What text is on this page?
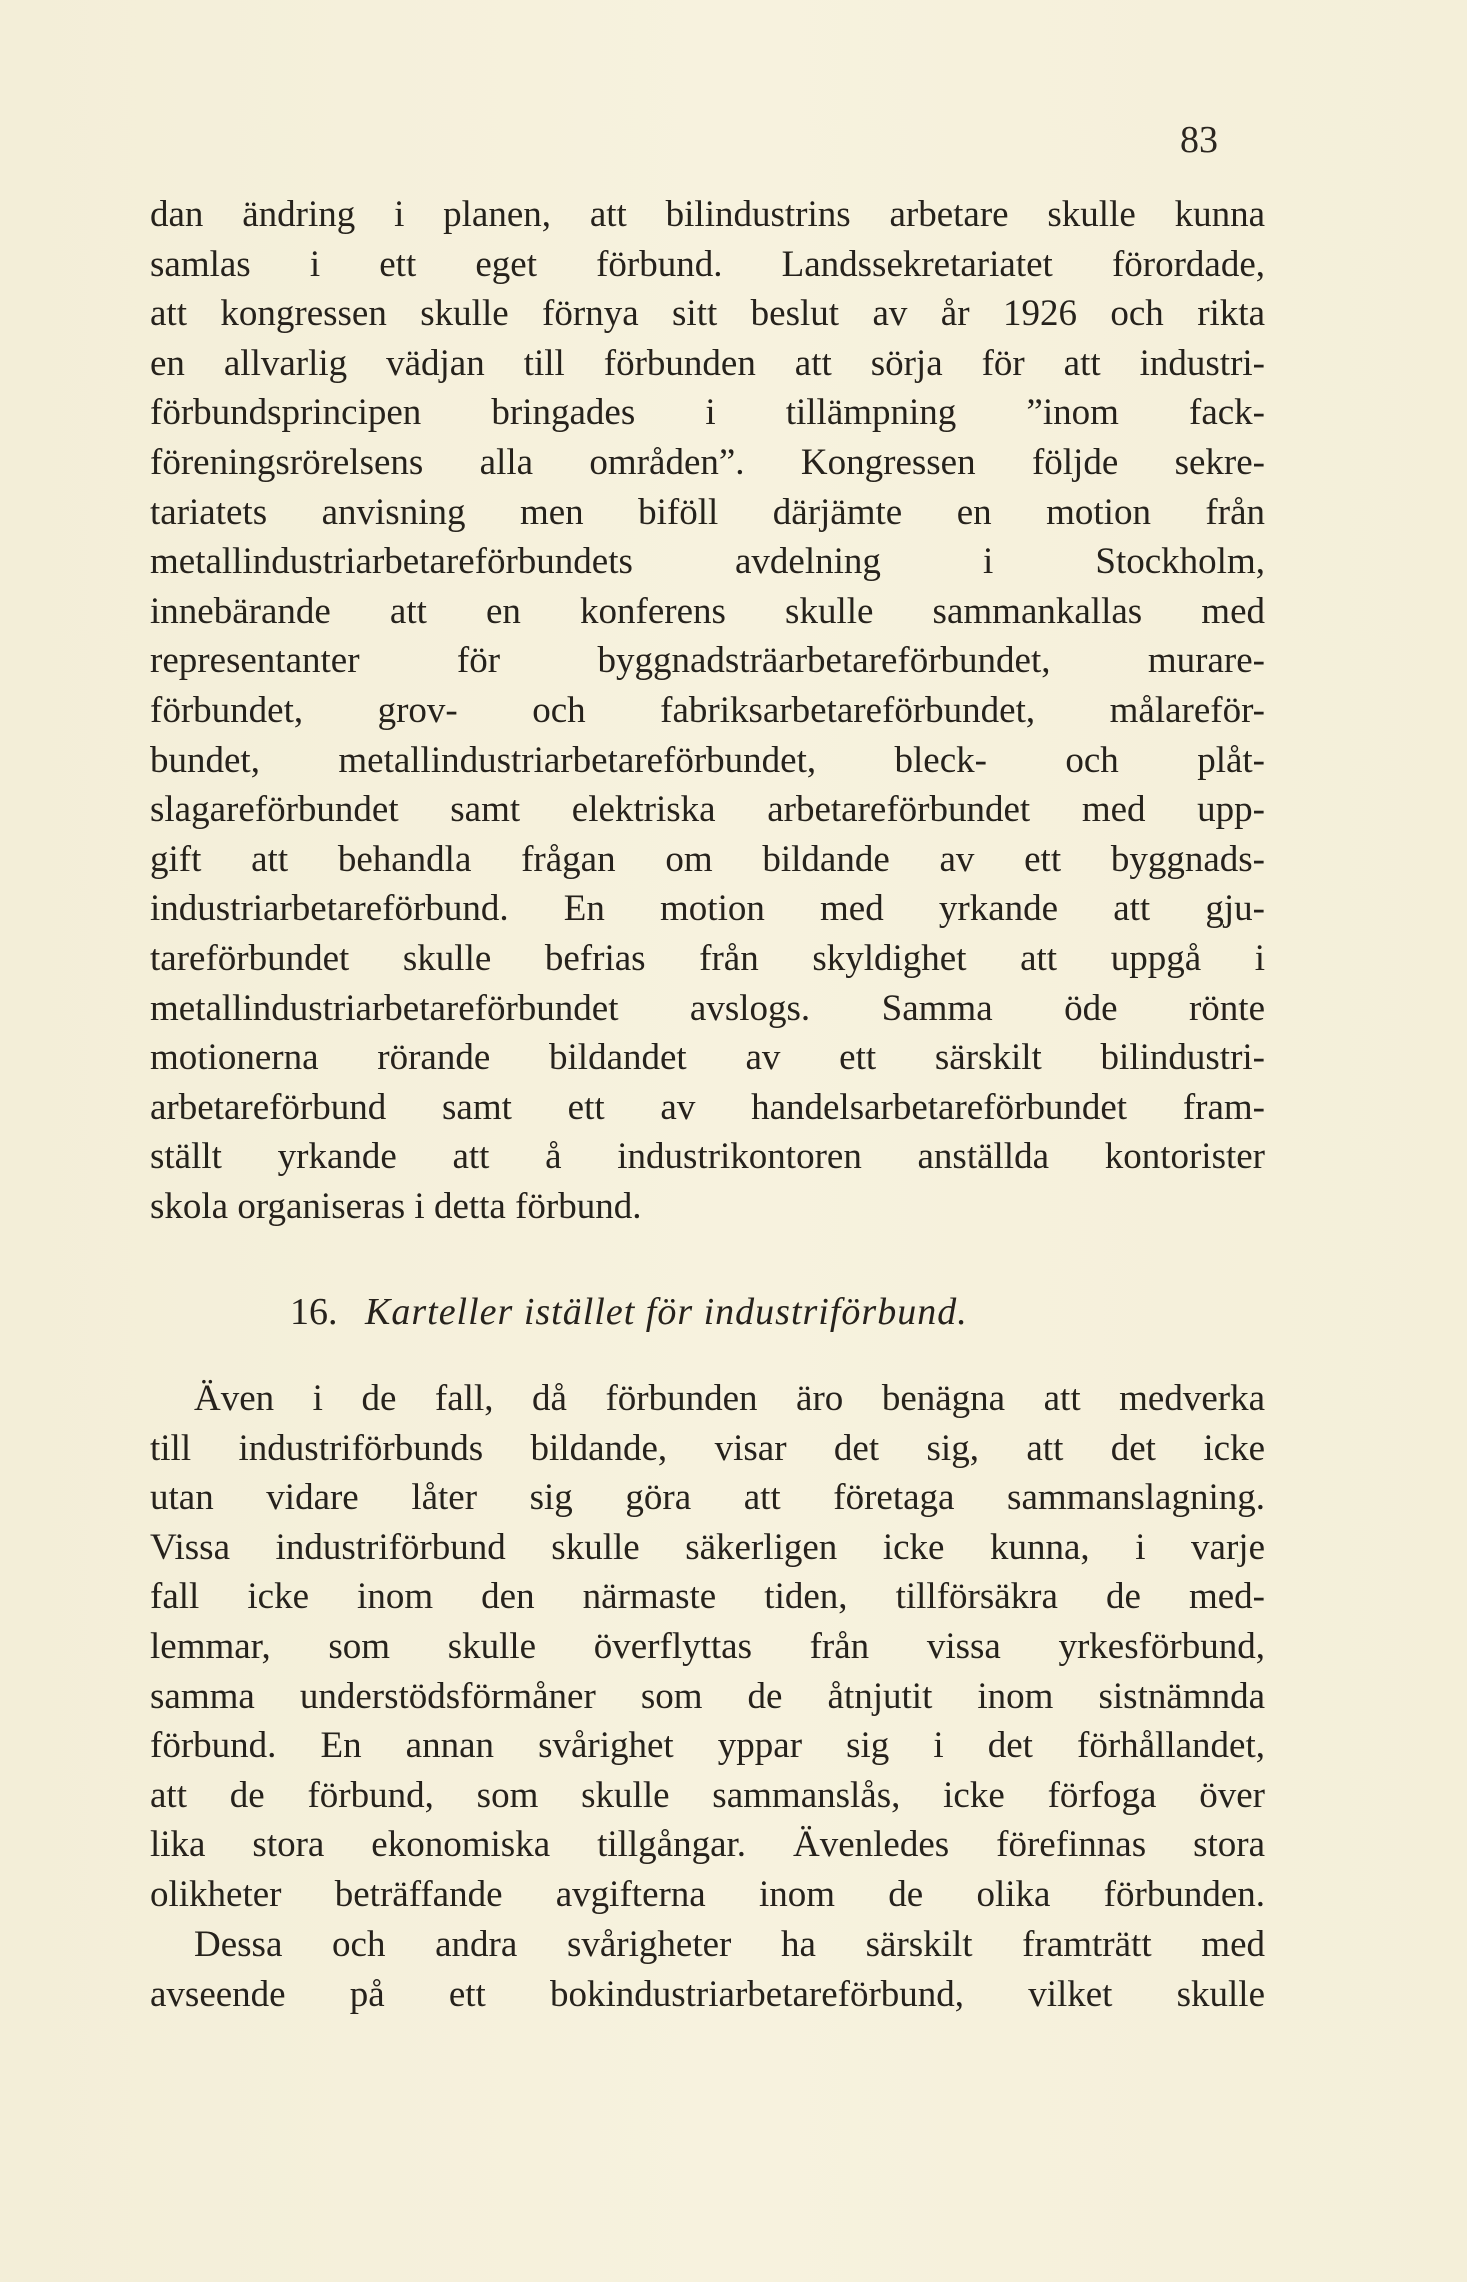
83
dan ändring i planen, att bilindustrins arbetare skulle kunna
samlas i ett eget förbund. Landssekretariatet förordade,
att kongressen skulle förnya sitt beslut av år 1926 och rikta
en allvarlig vädjan till förbunden att sörja för att industri-
förbundsprincipen bringades i tillämpning ”inom fack-
föreningsrörelsens alla områden”. Kongressen följde sekre-
tariatets anvisning men biföll därjämte en motion från
metallindustriarbetareförbundets avdelning i Stockholm,
innebärande att en konferens skulle sammankallas med
representanter för byggnadsträarbetareförbundet, murare-
förbundet, grov- och fabriksarbetareförbundet, målareför-
bundet, metallindustriarbetareförbundet, bleck- och plåt-
slagareförbundet samt elektriska arbetareförbundet med upp-
gift att behandla frågan om bildande av ett byggnads-
industriarbetareförbund. En motion med yrkande att gju-
tareförbundet skulle befrias från skyldighet att uppgå i
metallindustriarbetareförbundet avslogs. Samma öde rönte
motionerna rörande bildandet av ett särskilt bilindustri-
arbetareförbund samt ett av handelsarbetareförbundet fram-
ställt yrkande att å industrikontoren anställda kontorister
skola organiseras i detta förbund.
16. Karteller istället för industriförbund.
Även i de fall, då förbunden äro benägna att medverka
till industriförbunds bildande, visar det sig, att det icke
utan vidare låter sig göra att företaga sammanslagning.
Vissa industriförbund skulle säkerligen icke kunna, i varje
fall icke inom den närmaste tiden, tillförsäkra de med-
lemmar, som skulle överflyttas från vissa yrkesförbund,
samma understödsförmåner som de åtnjutit inom sistnämnda
förbund. En annan svårighet yppar sig i det förhållandet,
att de förbund, som skulle sammanslås, icke förfoga över
lika stora ekonomiska tillgångar. Ävenledes förefinnas stora
olikheter beträffande avgifterna inom de olika förbunden.
Dessa och andra svårigheter ha särskilt framträtt med
avseende på ett bokindustriarbetareförbund, vilket skulle
